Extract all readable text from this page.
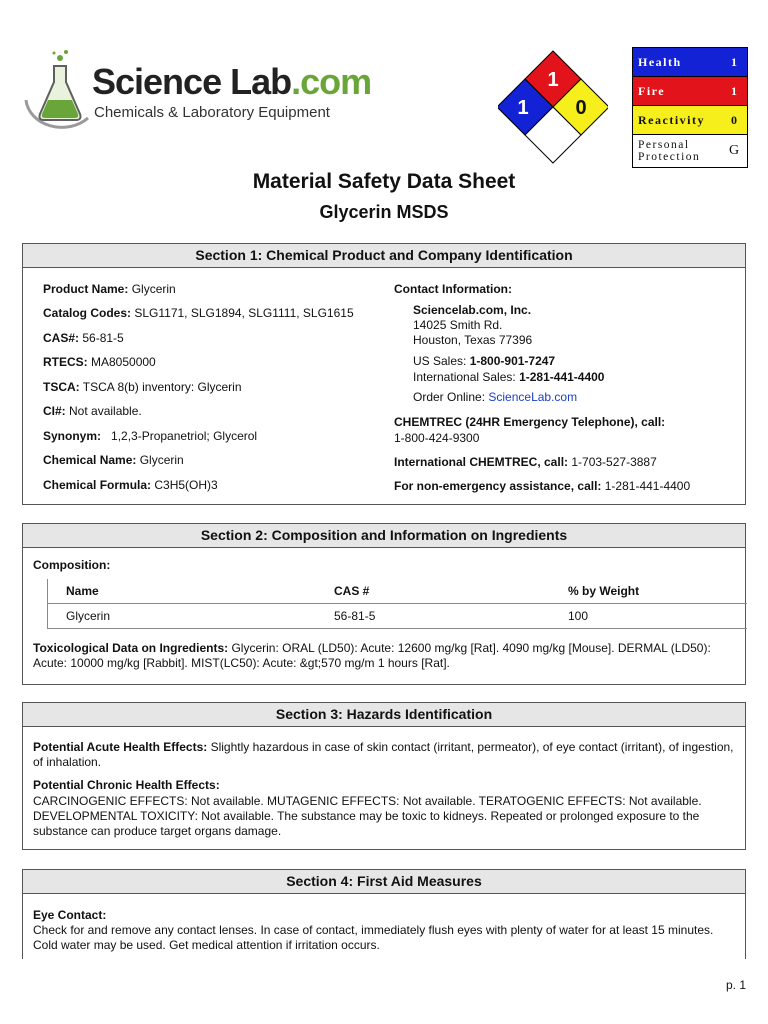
Science Lab.com
Chemicals & Laboratory Equipment
1
1 0
Health	1
Fire	1
Reactivity	0
Personal
Protection	G
Material Safety Data Sheet
Glycerin MSDS
Section 1: Chemical Product and Company Identification
Product Name: Glycerin
Catalog Codes: SLG1171, SLG1894, SLG1111, SLG1615
CAS#: 56-81-5
RTECS: MA8050000
TSCA: TSCA 8(b) inventory: Glycerin
CI#: Not available.
Synonym:   1,2,3-Propanetriol; Glycerol
Chemical Name: Glycerin
Chemical Formula: C3H5(OH)3
Contact Information:
Sciencelab.com, Inc.
14025 Smith Rd.
Houston, Texas 77396
US Sales: 1-800-901-7247
International Sales: 1-281-441-4400
Order Online: ScienceLab.com
CHEMTREC (24HR Emergency Telephone), call:
1-800-424-9300
International CHEMTREC, call: 1-703-527-3887
For non-emergency assistance, call: 1-281-441-4400
Section 2: Composition and Information on Ingredients
Composition:
Name	CAS #	% by Weight
Glycerin	56-81-5	100
Toxicological Data on Ingredients: Glycerin: ORAL (LD50): Acute: 12600 mg/kg [Rat]. 4090 mg/kg [Mouse]. DERMAL (LD50): Acute: 10000 mg/kg [Rabbit]. MIST(LC50): Acute: &gt;570 mg/m 1 hours [Rat].
Section 3: Hazards Identification
Potential Acute Health Effects: Slightly hazardous in case of skin contact (irritant, permeator), of eye contact (irritant), of ingestion, of inhalation.
Potential Chronic Health Effects:
CARCINOGENIC EFFECTS: Not available. MUTAGENIC EFFECTS: Not available. TERATOGENIC EFFECTS: Not available. DEVELOPMENTAL TOXICITY: Not available. The substance may be toxic to kidneys. Repeated or prolonged exposure to the substance can produce target organs damage.
Section 4: First Aid Measures
Eye Contact:
Check for and remove any contact lenses. In case of contact, immediately flush eyes with plenty of water for at least 15 minutes. Cold water may be used. Get medical attention if irritation occurs.
p. 1
